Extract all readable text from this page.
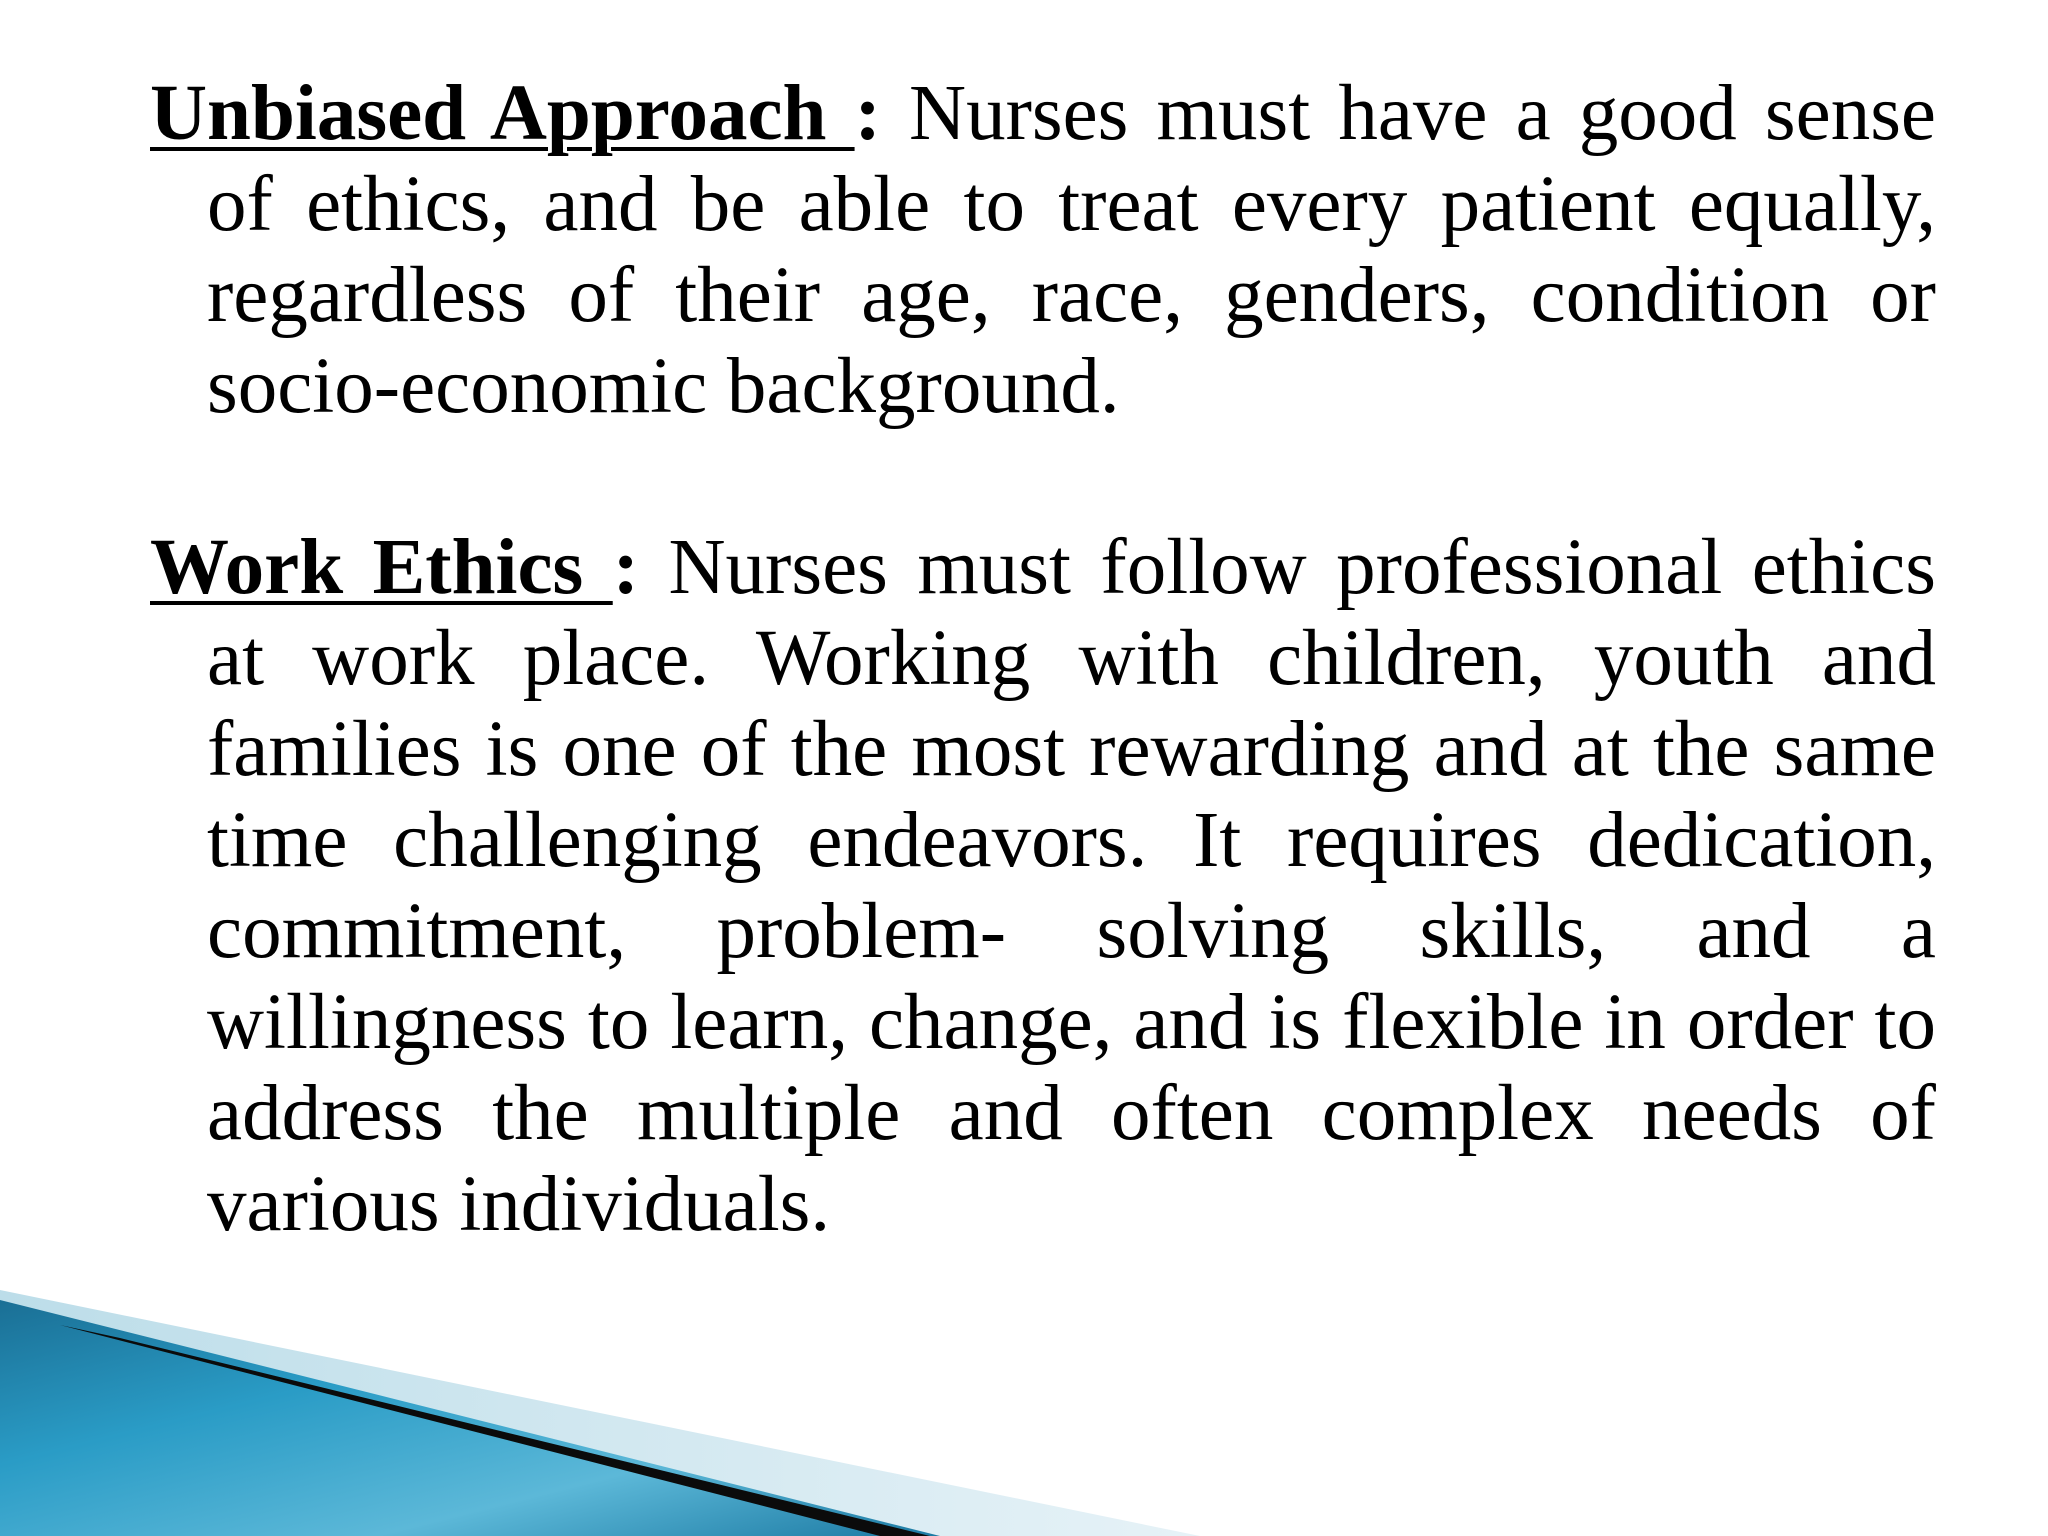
Unbiased Approach : Nurses must have a good sense of ethics, and be able to treat every patient equally, regardless of their age, race, genders, condition or socio-economic background.

Work Ethics : Nurses must follow professional ethics at work place. Working with children, youth and families is one of the most rewarding and at the same time challenging endeavors. It requires dedication, commitment, problem- solving skills, and a willingness to learn, change, and is flexible in order to address the multiple and often complex needs of various individuals.
